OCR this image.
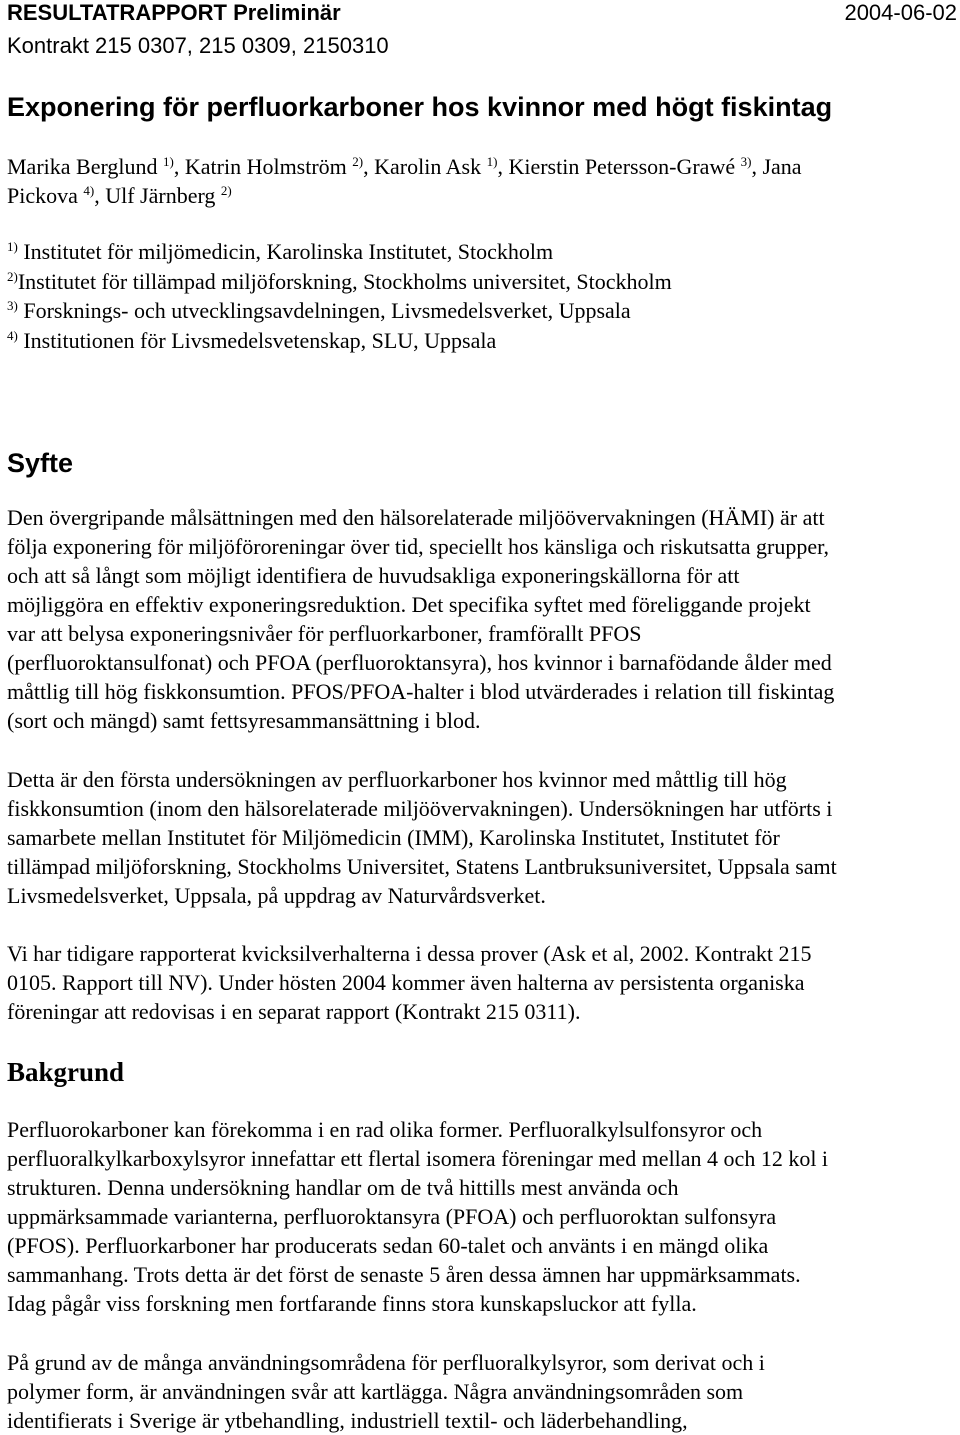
RESULTATRAPPORT Preliminär	2004-06-02
Kontrakt 215 0307, 215 0309, 2150310
Exponering för perfluorkarboner hos kvinnor med högt fiskintag
Marika Berglund $^{1)}$, Katrin Holmström $^{2)}$, Karolin Ask $^{1)}$, Kierstin Petersson-Grawé $^{3)}$, Jana
Pickova $^{4)}$, Ulf Järnberg $^{2)}$
$^{1)}$ Institutet för miljömedicin, Karolinska Institutet, Stockholm
$^{2)}$Institutet för tillämpad miljöforskning, Stockholms universitet, Stockholm
$^{3)}$ Forsknings- och utvecklingsavdelningen, Livsmedelsverket, Uppsala
$^{4)}$ Institutionen för Livsmedelsvetenskap, SLU, Uppsala
Syfte

Den övergripande målsättningen med den hälsorelaterade miljöövervakningen (HÄMI) är att
följa exponering för miljöföroreningar över tid, speciellt hos känsliga och riskutsatta grupper,
och att så långt som möjligt identifiera de huvudsakliga exponeringskällorna för att
möjliggöra en effektiv exponeringsreduktion. Det specifika syftet med föreliggande projekt
var att belysa exponeringsnivåer för perfluorkarboner, framförallt PFOS
(perfluoroktansulfonat) och PFOA (perfluoroktansyra), hos kvinnor i barnafödande ålder med
måttlig till hög fiskkonsumtion. PFOS/PFOA-halter i blod utvärderades i relation till fiskintag
(sort och mängd) samt fettsyresammansättning i blod.

Detta är den första undersökningen av perfluorkarboner hos kvinnor med måttlig till hög
fiskkonsumtion (inom den hälsorelaterade miljöövervakningen). Undersökningen har utförts i
samarbete mellan Institutet för Miljömedicin (IMM), Karolinska Institutet, Institutet för
tillämpad miljöforskning, Stockholms Universitet, Statens Lantbruksuniversitet, Uppsala samt
Livsmedelsverket, Uppsala, på uppdrag av Naturvårdsverket.

Vi har tidigare rapporterat kvicksilverhalterna i dessa prover (Ask et al, 2002. Kontrakt 215
0105. Rapport till NV). Under hösten 2004 kommer även halterna av persistenta organiska
föreningar att redovisas i en separat rapport (Kontrakt 215 0311).

Bakgrund

Perfluorokarboner kan förekomma i en rad olika former. Perfluoralkylsulfonsyror och
perfluoralkylkarboxylsyror innefattar ett flertal isomera föreningar med mellan 4 och 12 kol i
strukturen. Denna undersökning handlar om de två hittills mest använda och
uppmärksammade varianterna, perfluoroktansyra (PFOA) och perfluoroktan sulfonsyra
(PFOS). Perfluorkarboner har producerats sedan 60-talet och använts i en mängd olika
sammanhang. Trots detta är det först de senaste 5 åren dessa ämnen har uppmärksammats.
Idag pågår viss forskning men fortfarande finns stora kunskapsluckor att fylla.

På grund av de många användningsområdena för perfluoralkylsyror, som derivat och i
polymer form, är användningen svår att kartlägga. Några användningsområden som
identifierats i Sverige är ytbehandling, industriell textil- och läderbehandling,
